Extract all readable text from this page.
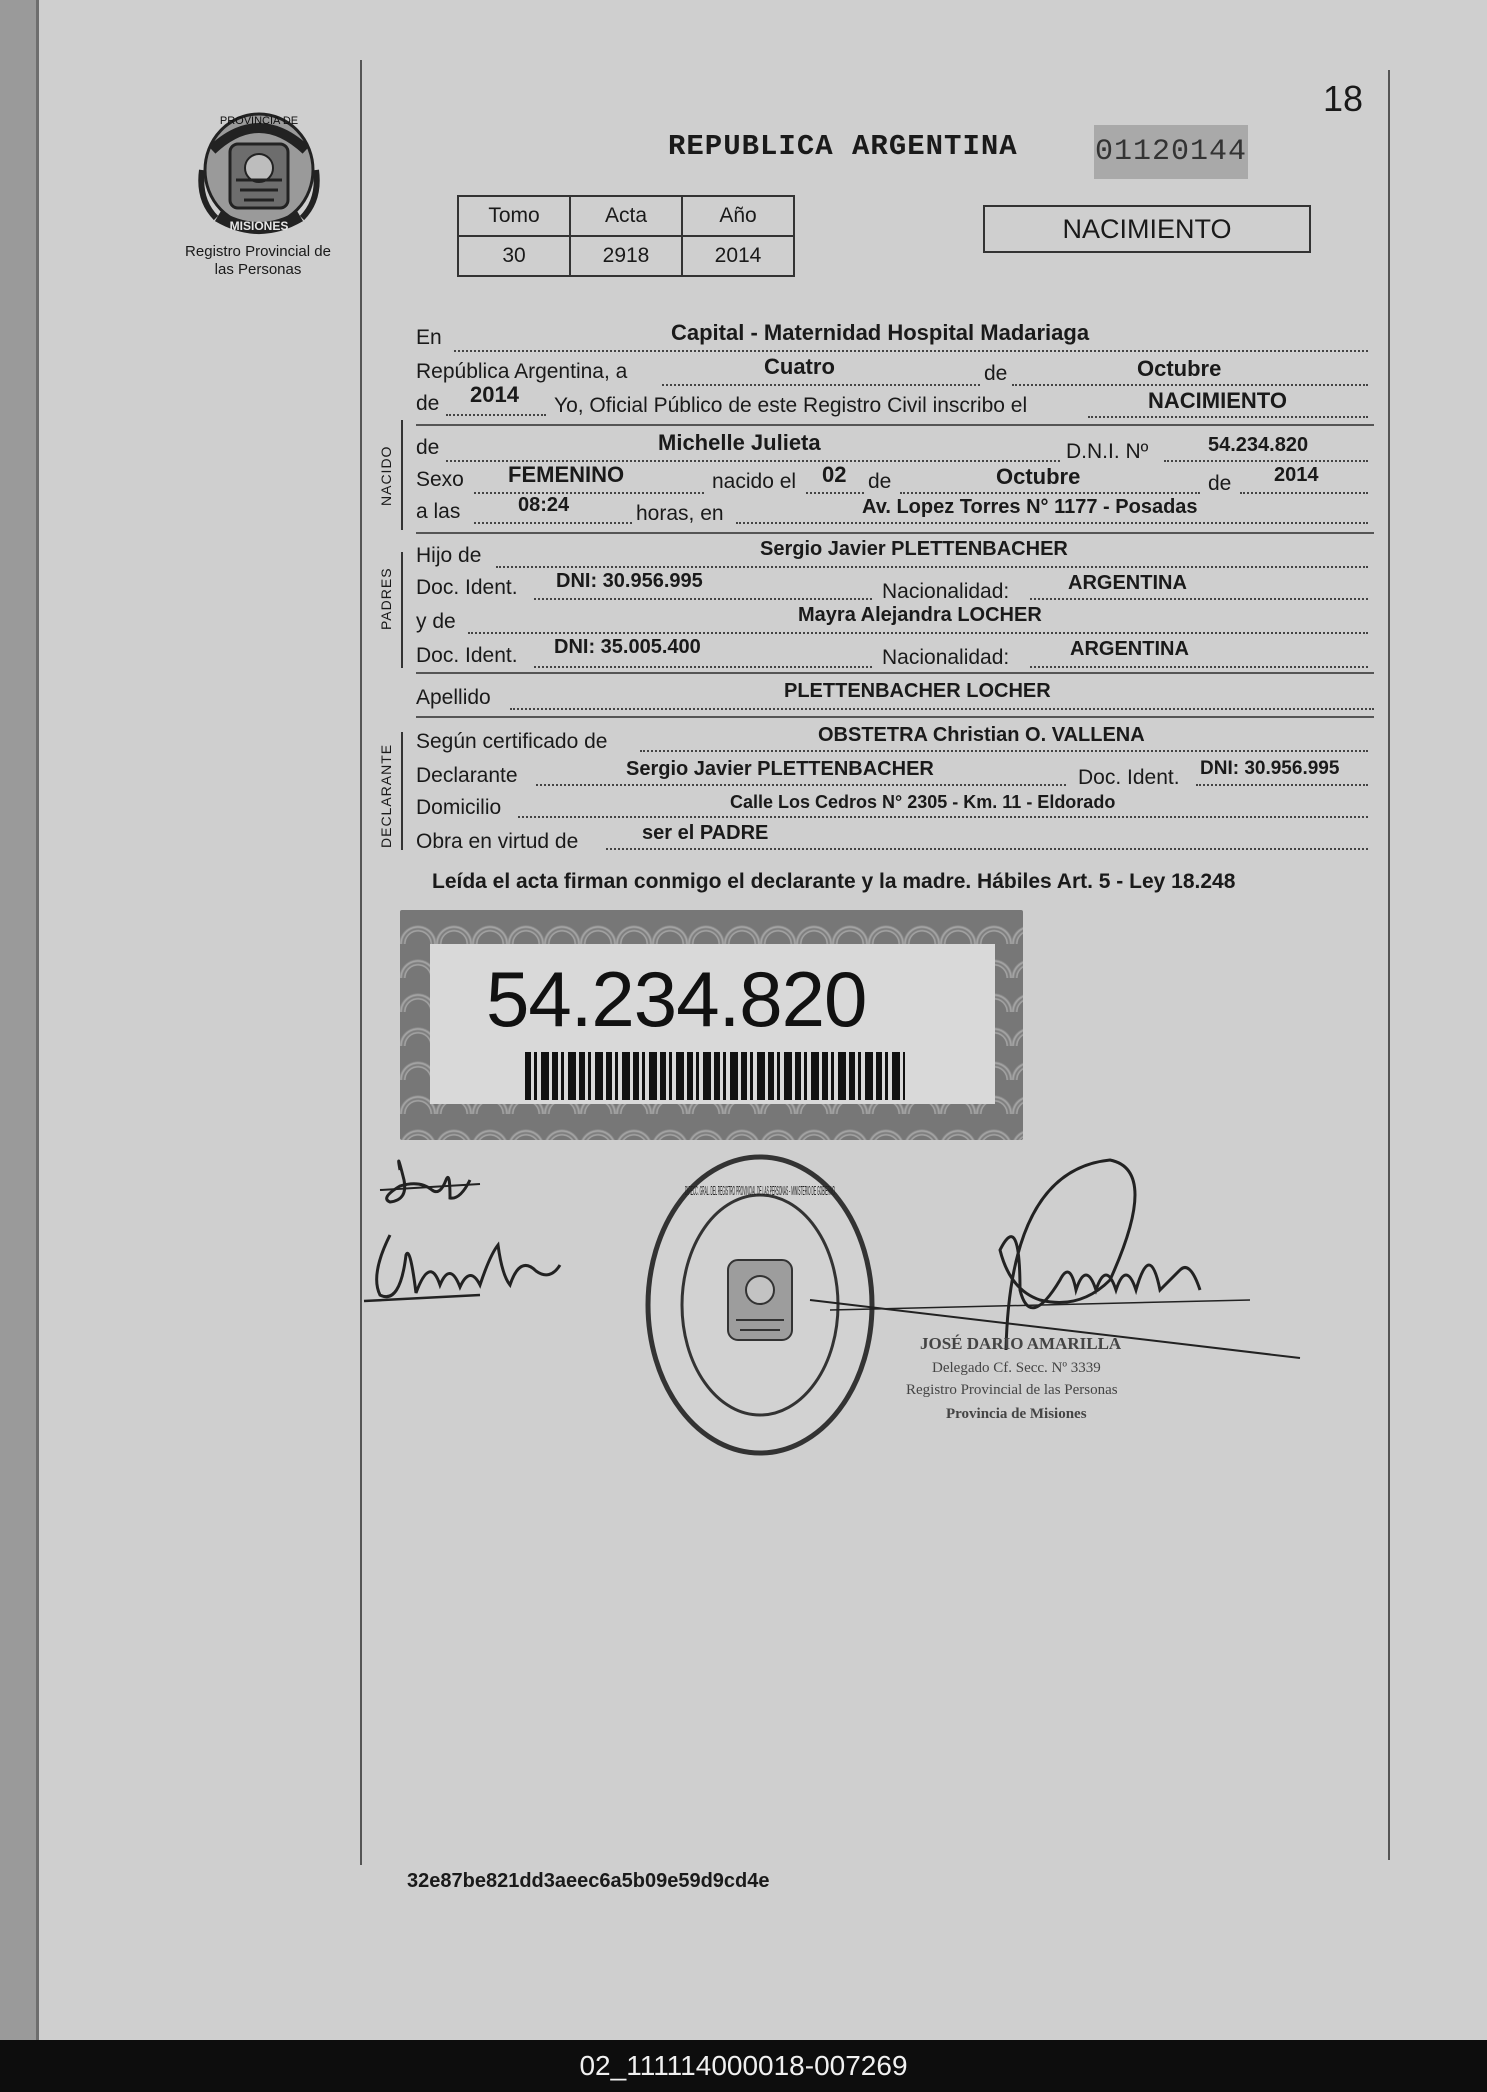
18
PROVINCIA DE
MISIONES
Registro Provincial de las Personas
REPUBLICA ARGENTINA	01120144
Tomo	Acta	Año
30	2918	2014
NACIMIENTO
En	Capital - Maternidad Hospital Madariaga
República Argentina, a	Cuatro	de	Octubre
de 2014 Yo, Oficial Público de este Registro Civil inscribo el	NACIMIENTO
NACIDO de	Michelle Julieta	D.N.I. Nº	54.234.820
Sexo FEMENINO	nacido el 02 de	Octubre	de 2014
a las	08:24	horas, en	Av. Lopez Torres N° 1177 - Posadas
PADRES
Hijo de	Sergio Javier PLETTENBACHER
Doc. Ident. DNI: 30.956.995	Nacionalidad:	ARGENTINA
y de	Mayra Alejandra LOCHER
Doc. Ident. DNI: 35.005.400	Nacionalidad:	ARGENTINA
Apellido	PLETTENBACHER LOCHER
DECLARANTE
Según certificado de	OBSTETRA Christian O. VALLENA
Declarante	Sergio Javier PLETTENBACHER	Doc. Ident. DNI: 30.956.995
Domicilio	Calle Los Cedros N° 2305 - Km. 11 - Eldorado
Obra en virtud de	ser el PADRE
Leída el acta firman conmigo el declarante y la madre. Hábiles Art. 5 - Ley 18.248
54.234.820
DIRECC. GRAL. DEL REGISTRO PROVINCIAL DE LAS PERSONAS - MINISTERIO DE GOBIERNO
JOSÉ DARIO AMARILLA
Delegado Cf. Secc. Nº 3339
Registro Provincial de las Personas
Provincia de Misiones
32e87be821dd3aeec6a5b09e59d9cd4e
02_111114000018-007269
